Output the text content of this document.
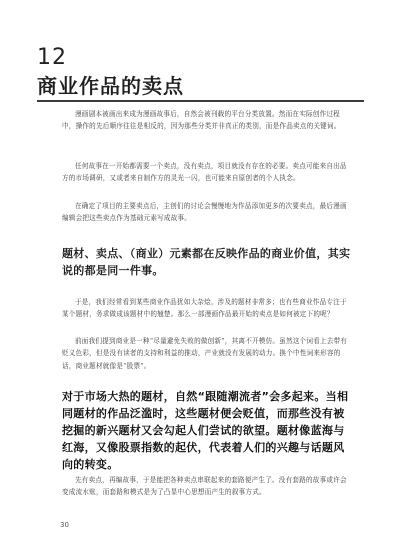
12
商业作品的卖点

漫画剧本被画出来成为漫画故事后，自然会被刊载的平台分类放置。然而在实际创作过程中，操作的先后顺序往往是相反的，因为那些分类并非真正的类别，而是作品卖点的关键词。

任何故事在一开始都需要一个卖点，没有卖点，项目就没有存在的必要。卖点可能来自出品方的市场调研，又或者来自制作方的灵光一闪，也可能来自原创者的个人执念。

在确定了项目的主要卖点后，主创们的讨论会慢慢地为作品添加更多的次要卖点，最后漫画编辑会把这些卖点作为基础元素写成故事。

题材、卖点、（商业）元素都在反映作品的商业价值，其实说的都是同一件事。

于是，我们经常看到某些商业作品犹如大杂烩，涉及的题材非常多；也有些商业作品专注于某个题材，务求做成该题材中的翘楚。那么一部漫画作品最开始的卖点是如何被定下的呢？

前面我们提到商业是一种“尽量避免失败的做创新”，其离不开模仿。虽然这个词看上去带有贬义色彩，但是没有读者的支持和利益的推动，产业就没有发展的动力。换个中性词来形容的话，商业题材就像是“股票”。

对于市场大热的题材，自然“跟随潮流者”会多起来。当相同题材的作品泛滥时，这些题材便会贬值，而那些没有被挖掘的新兴题材又会勾起人们尝试的欲望。题材像蓝海与红海，又像股票指数的起伏，代表着人们的兴趣与话题风向的转变。

先有卖点，再编故事，于是能把各种卖点串联起来的套路便产生了。没有套路的故事或许会变成流水账，而套路和模式是为了凸显中心思想而产生的叙事方式。

30
